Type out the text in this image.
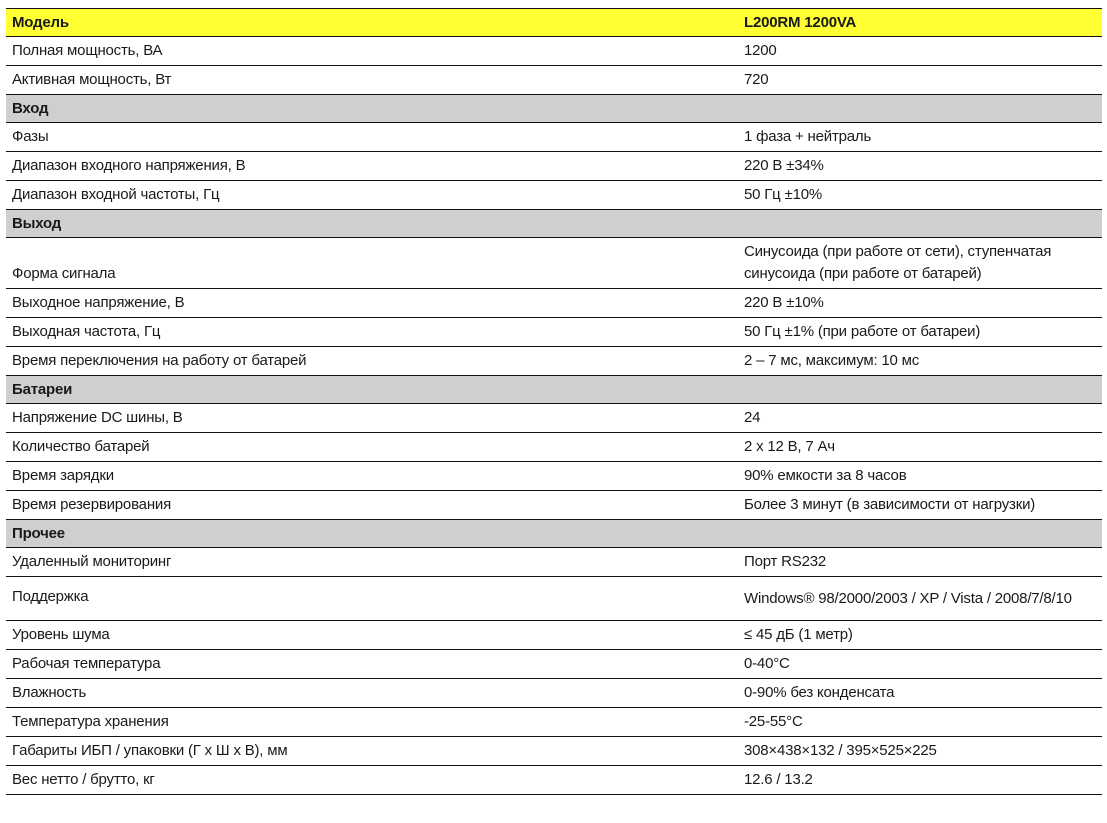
Модель	L200RM 1200VA
Полная мощность, ВА	1200
Активная мощность, Вт	720
Вход	
Фазы	1 фаза + нейтраль
Диапазон входного напряжения, В	220 В ±34%
Диапазон входной частоты, Гц	50 Гц ±10%
Выход	
Форма сигнала	Синусоида (при работе от сети), ступенчатая синусоида (при работе от батарей)
Выходное напряжение, В	220 В ±10%
Выходная частота, Гц	50 Гц ±1% (при работе от батареи)
Время переключения на работу от батарей	2 – 7 мс, максимум: 10 мс
Батареи	
Напряжение DC шины, В	24
Количество батарей	2 x 12 В, 7 Ач
Время зарядки	90% емкости за 8 часов
Время резервирования	Более 3 минут (в зависимости от нагрузки)
Прочее	
Удаленный мониторинг	Порт RS232
Поддержка	Windows® 98/2000/2003 / XP / Vista / 2008/7/8/10
Уровень шума	≤ 45 дБ (1 метр)
Рабочая температура	0-40°C
Влажность	0-90% без конденсата
Температура хранения	-25-55°C
Габариты ИБП / упаковки (Г x Ш x В), мм	308×438×132 / 395×525×225
Вес нетто / брутто, кг	12.6 / 13.2
